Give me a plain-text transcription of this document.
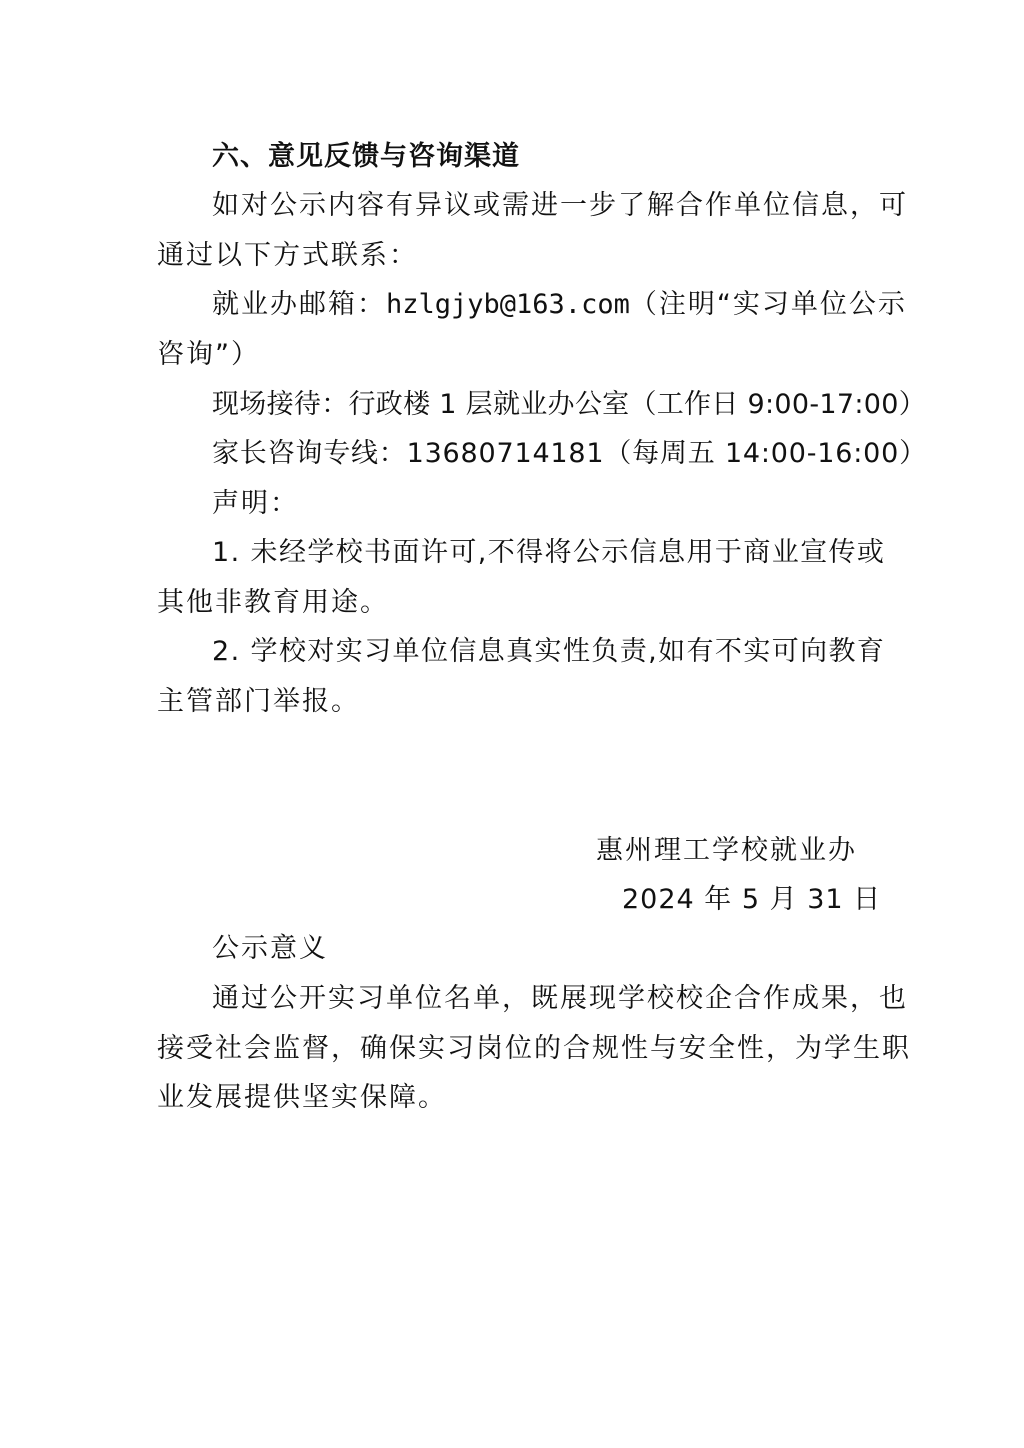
六、意见反馈与咨询渠道
如对公示内容有异议或需进一步了解合作单位信息，可
通过以下方式联系：
就业办邮箱：hzlgjyb@163.com（注明“实习单位公示
咨询”）
现场接待：行政楼 1 层就业办公室（工作日 9:00-17:00）
家长咨询专线：13680714181（每周五 14:00-16:00）
声明：
1. 未经学校书面许可,不得将公示信息用于商业宣传或
其他非教育用途。
2. 学校对实习单位信息真实性负责,如有不实可向教育
主管部门举报。
惠州理工学校就业办
2024 年 5 月 31 日
公示意义
通过公开实习单位名单，既展现学校校企合作成果，也
接受社会监督，确保实习岗位的合规性与安全性，为学生职
业发展提供坚实保障。
